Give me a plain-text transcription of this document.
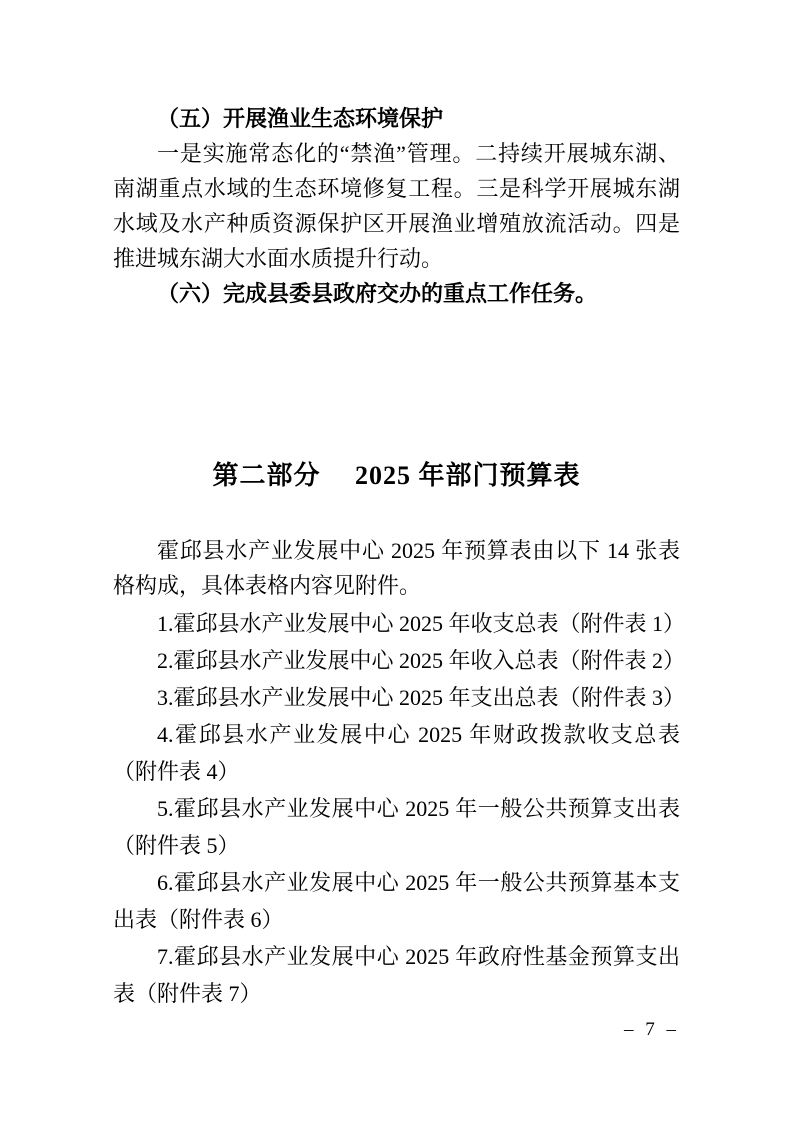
（五）开展渔业生态环境保护
一是实施常态化的“禁渔”管理。二持续开展城东湖、南湖重点水域的生态环境修复工程。三是科学开展城东湖水域及水产种质资源保护区开展渔业增殖放流活动。四是推进城东湖大水面水质提升行动。
（六）完成县委县政府交办的重点工作任务。
第二部分　 2025 年部门预算表
霍邱县水产业发展中心 2025 年预算表由以下 14 张表格构成，具体表格内容见附件。

1.霍邱县水产业发展中心 2025 年收支总表（附件表 1）

2.霍邱县水产业发展中心 2025 年收入总表（附件表 2）

3.霍邱县水产业发展中心 2025 年支出总表（附件表 3）

4.霍邱县水产业发展中心 2025 年财政拨款收支总表（附件表 4）

5.霍邱县水产业发展中心 2025 年一般公共预算支出表（附件表 5）

6.霍邱县水产业发展中心 2025 年一般公共预算基本支出表（附件表 6）

7.霍邱县水产业发展中心 2025 年政府性基金预算支出表（附件表 7）

– 7 –
